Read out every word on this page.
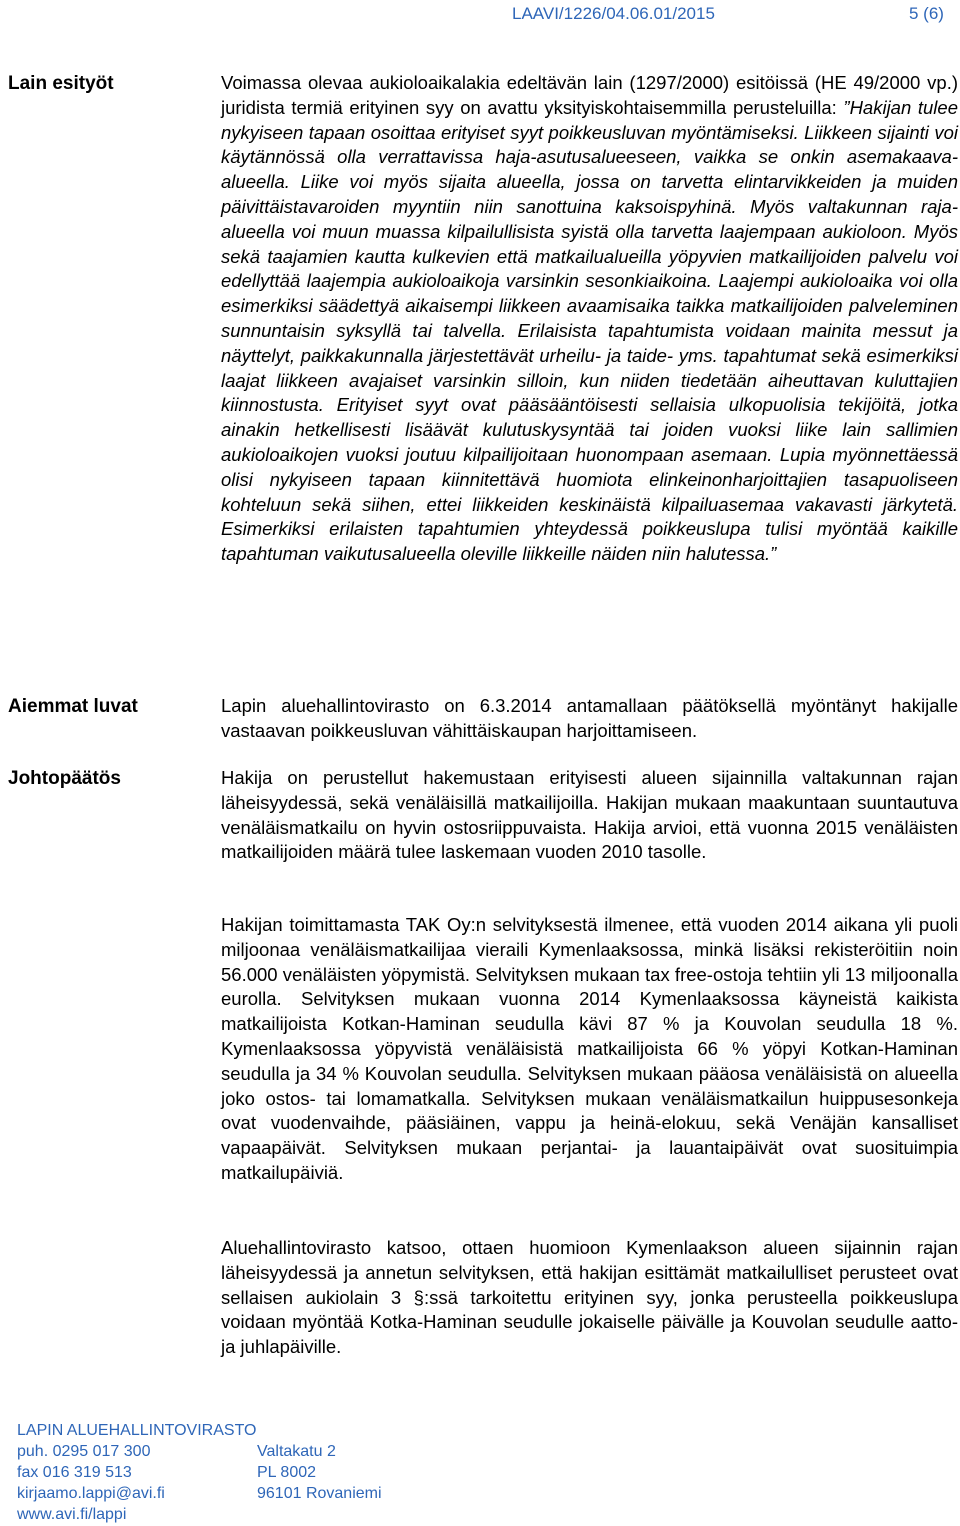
LAAVI/1226/04.06.01/2015	5 (6)
Lain esityöt	Voimassa olevaa aukioloaikalakia edeltävän lain (1297/2000) esitöissä (HE 49/2000 vp.) juridista termiä erityinen syy on avattu yksityiskohtaisemmilla perusteluilla: ”Hakijan tulee nykyiseen tapaan osoittaa erityiset syyt poikkeusluvan myöntämiseksi. Liikkeen sijainti voi käytännössä olla verrattavissa haja-asutusalueeseen, vaikka se onkin asemakaava-alueella. Liike voi myös sijaita alueella, jossa on tarvetta elintarvikkeiden ja muiden päivittäistavaroiden myyntiin niin sanottuina kaksoispyhinä. Myös valtakunnan raja-alueella voi muun muassa kilpailullisista syistä olla tarvetta laajempaan aukioloon. Myös sekä taajamien kautta kulkevien että matkailualueilla yöpyvien matkailijoiden palvelu voi edellyttää laajempia aukioloaikoja varsinkin sesonkiaikoina. Laajempi aukioloaika voi olla esimerkiksi säädettyä aikaisempi liikkeen avaamisaika taikka matkailijoiden palveleminen sunnuntaisin syksyllä tai talvella. Erilaisista tapahtumista voidaan mainita messut ja näyttelyt, paikkakunnalla järjestettävät urheilu- ja taide- yms. tapahtumat sekä esimerkiksi laajat liikkeen avajaiset varsinkin silloin, kun niiden tiedetään aiheuttavan kuluttajien kiinnostusta. Erityiset syyt ovat pääsääntöisesti sellaisia ulkopuolisia tekijöitä, jotka ainakin hetkellisesti lisäävät kulutuskysyntää tai joiden vuoksi liike lain sallimien aukioloaikojen vuoksi joutuu kilpailijoitaan huonompaan asemaan. Lupia myönnettäessä olisi nykyiseen tapaan kiinnitettävä huomiota elinkeinonharjoittajien tasapuoliseen kohteluun sekä siihen, ettei liikkeiden keskinäistä kilpailuasemaa vakavasti järkytetä. Esimerkiksi erilaisten tapahtumien yhteydessä poikkeuslupa tulisi myöntää kaikille tapahtuman vaikutusalueella oleville liikkeille näiden niin halutessa.”

Aiemmat luvat	Lapin aluehallintovirasto on 6.3.2014 antamallaan päätöksellä myöntänyt hakijalle vastaavan poikkeusluvan vähittäiskaupan harjoittamiseen.

Johtopäätös	Hakija on perustellut hakemustaan erityisesti alueen sijainnilla valtakunnan rajan läheisyydessä, sekä venäläisillä matkailijoilla. Hakijan mukaan maakuntaan suuntautuva venäläismatkailu on hyvin ostosriippuvaista. Hakija arvioi, että vuonna 2015 venäläisten matkailijoiden määrä tulee laskemaan vuoden 2010 tasolle.

Hakijan toimittamasta TAK Oy:n selvityksestä ilmenee, että vuoden 2014 aikana yli puoli miljoonaa venäläismatkailijaa vieraili Kymenlaaksossa, minkä lisäksi rekisteröitiin noin 56.000 venäläisten yöpymistä. Selvityksen mukaan tax free-ostoja tehtiin yli 13 miljoonalla eurolla. Selvityksen mukaan vuonna 2014 Kymenlaaksossa käyneistä kaikista matkailijoista Kotkan-Haminan seudulla kävi 87 % ja Kouvolan seudulla 18 %. Kymenlaaksossa yöpyvistä venäläisistä matkailijoista 66 % yöpyi Kotkan-Haminan seudulla ja 34 % Kouvolan seudulla. Selvityksen mukaan pääosa venäläisistä on alueella joko ostos- tai lomamatkalla. Selvityksen mukaan venäläismatkailun huippusesonkeja ovat vuodenvaihde, pääsiäinen, vappu ja heinä-elokuu, sekä Venäjän kansalliset vapaapäivät. Selvityksen mukaan perjantai- ja lauantaipäivät ovat suosituimpia matkailupäiviä.

Aluehallintovirasto katsoo, ottaen huomioon Kymenlaakson alueen sijainnin rajan läheisyydessä ja annetun selvityksen, että hakijan esittämät matkailulliset perusteet ovat sellaisen aukiolain 3 §:ssä tarkoitettu erityinen syy, jonka perusteella poikkeuslupa voidaan myöntää Kotka-Haminan seudulle jokaiselle päivälle ja Kouvolan seudulle aatto- ja juhlapäiville.

LAPIN ALUEHALLINTOVIRASTO
puh. 0295 017 300	Valtakatu 2
fax 016 319 513	PL 8002
kirjaamo.lappi@avi.fi	96101 Rovaniemi
www.avi.fi/lappi
